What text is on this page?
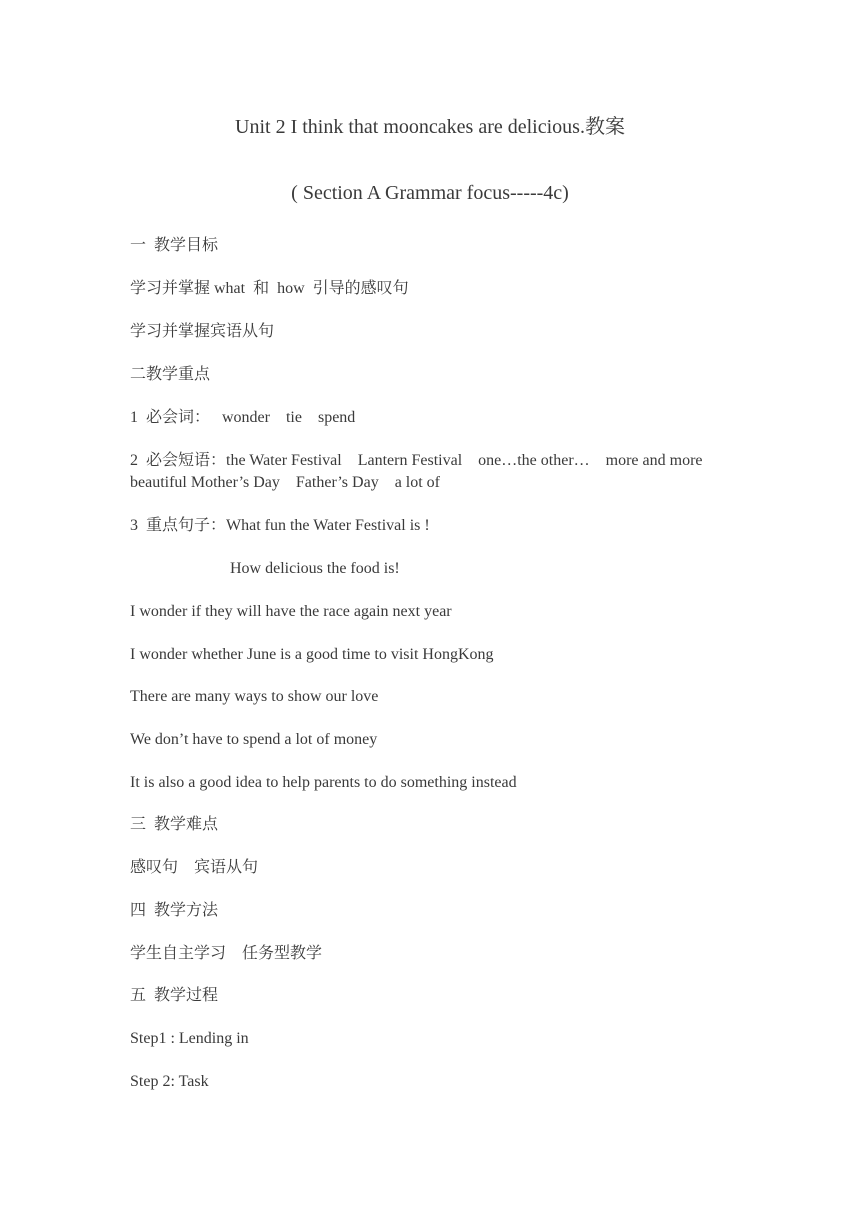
Unit 2 I think that mooncakes are delicious.教案
( Section A Grammar focus-----4c)
一  教学目标
学习并掌握 what  和  how  引导的感叹句
学习并掌握宾语从句
二教学重点
1  必会词：   wonder    tie    spend
2  必会短语：the Water Festival    Lantern Festival    one…the other…    more and more beautiful Mother’s Day    Father’s Day    a lot of
3  重点句子：What fun the Water Festival is !
How delicious the food is!
I wonder if they will have the race again next year
I wonder whether June is a good time to visit HongKong
There are many ways to show our love
We don’t have to spend a lot of money
It is also a good idea to help parents to do something instead
三  教学难点
感叹句    宾语从句
四  教学方法
学生自主学习    任务型教学
五  教学过程
Step1 : Lending in
Step 2: Task
